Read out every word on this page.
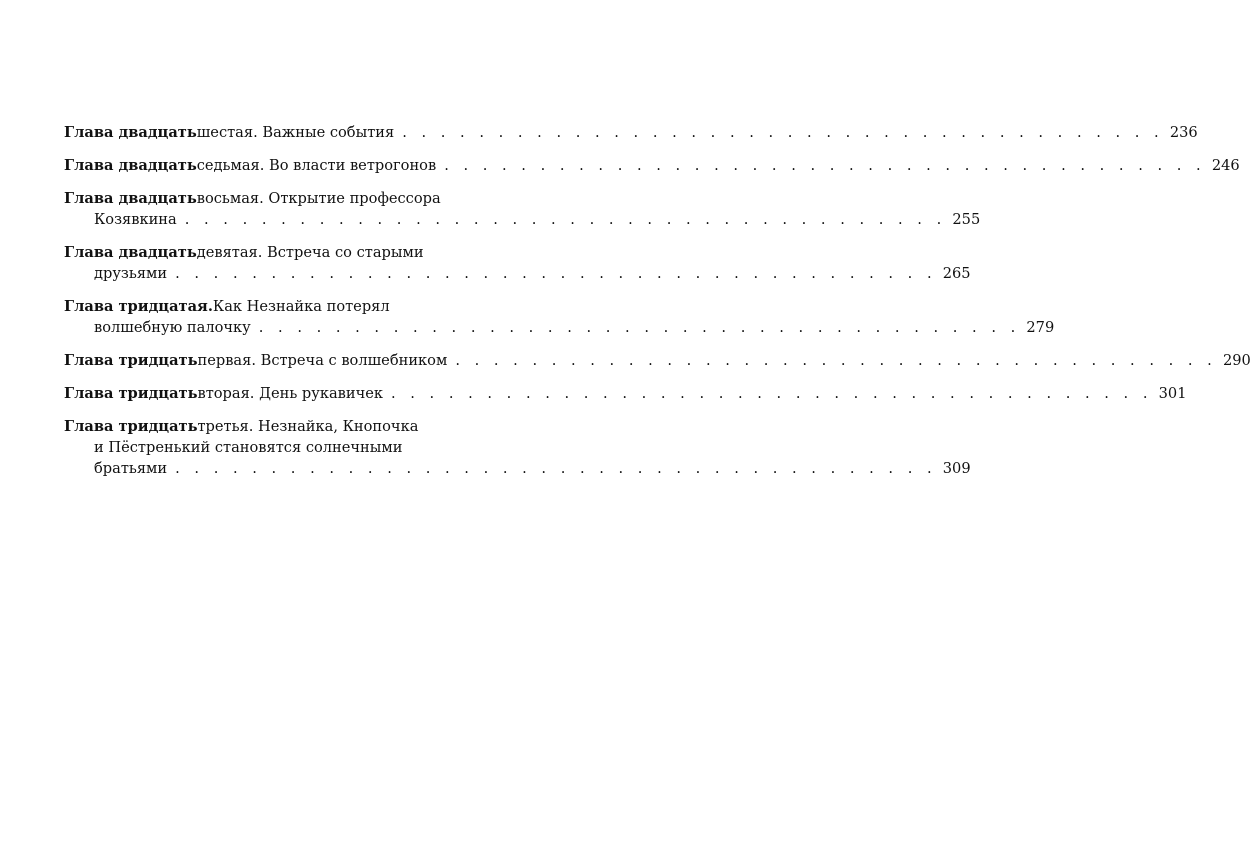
Глава двадцать шестая. Важные события . . . . . . . . . . . . . . . . . . . . . . . . . . . . . . . . . . . . . . . . 236
Глава двадцать седьмая. Во власти ветрогонов . . . . . . . . . . . . . . . . . . . . . . . . . . . . . . . . . . . . . . . . 246
Глава двадцать восьмая. Открытие профессора
Козявкина . . . . . . . . . . . . . . . . . . . . . . . . . . . . . . . . . . . . . . . . 255
Глава двадцать девятая. Встреча со старыми
друзьями . . . . . . . . . . . . . . . . . . . . . . . . . . . . . . . . . . . . . . . . 265
Глава тридцатая. Как Незнайка потерял
волшебную палочку . . . . . . . . . . . . . . . . . . . . . . . . . . . . . . . . . . . . . . . . 279
Глава тридцать первая. Встреча с волшебником . . . . . . . . . . . . . . . . . . . . . . . . . . . . . . . . . . . . . . . . 290
Глава тридцать вторая. День рукавичек . . . . . . . . . . . . . . . . . . . . . . . . . . . . . . . . . . . . . . . . 301
Глава тридцать третья. Незнайка, Кнопочка
и Пёстренький становятся солнечными
братьями . . . . . . . . . . . . . . . . . . . . . . . . . . . . . . . . . . . . . . . . 309
